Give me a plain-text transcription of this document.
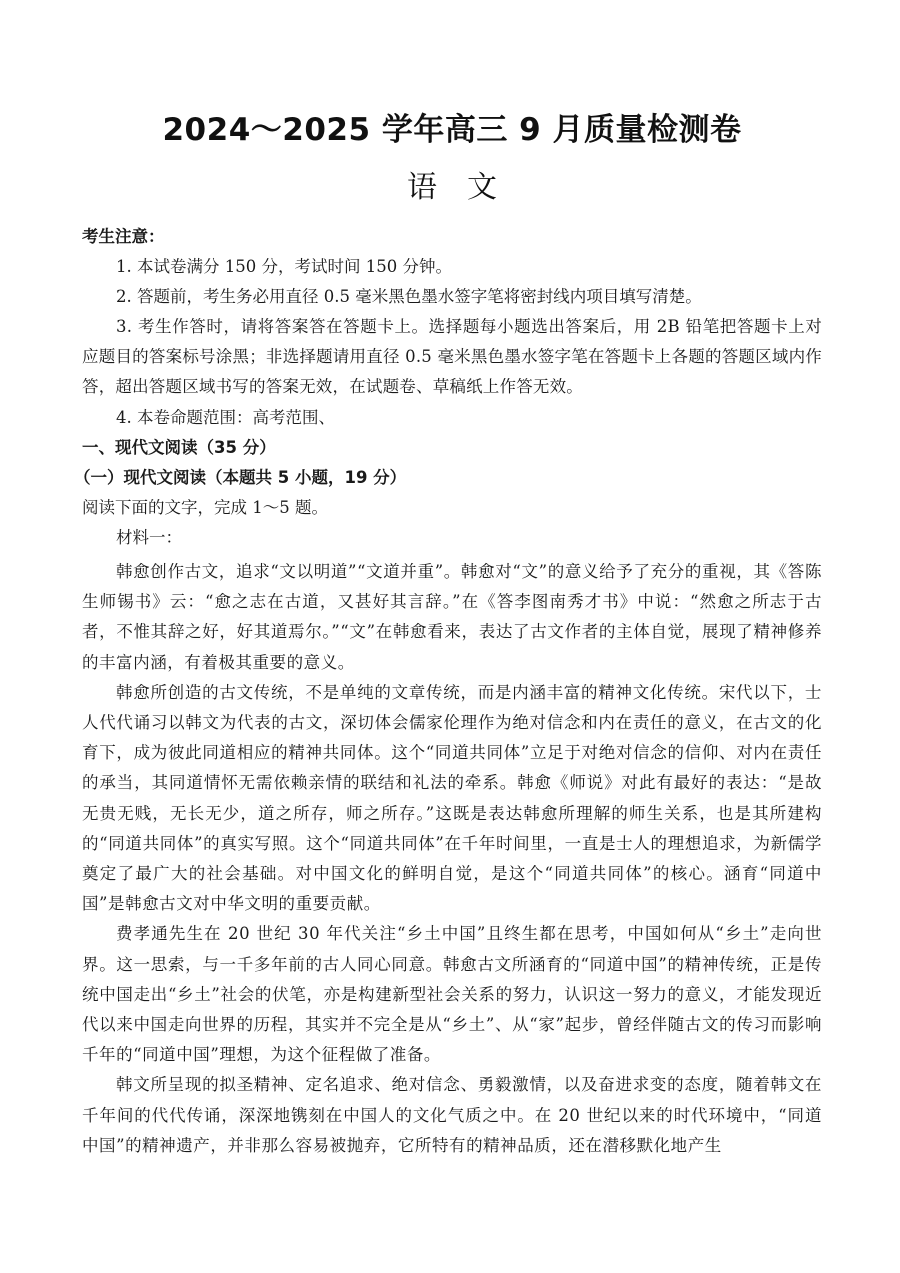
2024～2025 学年高三 9 月质量检测卷
语 文
考生注意：
1. 本试卷满分 150 分，考试时间 150 分钟。
2. 答题前，考生务必用直径 0.5 毫米黑色墨水签字笔将密封线内项目填写清楚。

3. 考生作答时，请将答案答在答题卡上。选择题每小题选出答案后，用 2B 铅笔把答题卡上对应题目的答案标号涂黑；非选择题请用直径 0.5 毫米黑色墨水签字笔在答题卡上各题的答题区域内作答，超出答题区域书写的答案无效，在试题卷、草稿纸上作答无效。

4. 本卷命题范围：高考范围、
一、现代文阅读（35 分）
（一）现代文阅读（本题共 5 小题，19 分）
阅读下面的文字，完成 1～5 题。
材料一：

韩愈创作古文，追求“文以明道”“文道并重”。韩愈对“文”的意义给予了充分的重视，其《答陈生师锡书》云：“愈之志在古道，又甚好其言辞。”在《答李图南秀才书》中说：“然愈之所志于古者，不惟其辞之好，好其道焉尔。”“文”在韩愈看来，表达了古文作者的主体自觉，展现了精神修养的丰富内涵，有着极其重要的意义。

韩愈所创造的古文传统，不是单纯的文章传统，而是内涵丰富的精神文化传统。宋代以下，士人代代诵习以韩文为代表的古文，深切体会儒家伦理作为绝对信念和内在责任的意义，在古文的化育下，成为彼此同道相应的精神共同体。这个“同道共同体”立足于对绝对信念的信仰、对内在责任的承当，其同道情怀无需依赖亲情的联结和礼法的牵系。韩愈《师说》对此有最好的表达：“是故无贵无贱，无长无少，道之所存，师之所存。”这既是表达韩愈所理解的师生关系，也是其所建构的“同道共同体”的真实写照。这个“同道共同体”在千年时间里，一直是士人的理想追求，为新儒学奠定了最广大的社会基础。对中国文化的鲜明自觉，是这个“同道共同体”的核心。涵育“同道中国”是韩愈古文对中华文明的重要贡献。

费孝通先生在 20 世纪 30 年代关注“乡土中国”且终生都在思考，中国如何从“乡土”走向世界。这一思索，与一千多年前的古人同心同意。韩愈古文所涵育的“同道中国”的精神传统，正是传统中国走出“乡土”社会的伏笔，亦是构建新型社会关系的努力，认识这一努力的意义，才能发现近代以来中国走向世界的历程，其实并不完全是从“乡土”、从“家”起步，曾经伴随古文的传习而影响千年的“同道中国”理想，为这个征程做了准备。

韩文所呈现的拟圣精神、定名追求、绝对信念、勇毅激情，以及奋进求变的态度，随着韩文在千年间的代代传诵，深深地镌刻在中国人的文化气质之中。在 20 世纪以来的时代环境中，“同道中国”的精神遗产，并非那么容易被抛弃，它所特有的精神品质，还在潜移默化地产生
